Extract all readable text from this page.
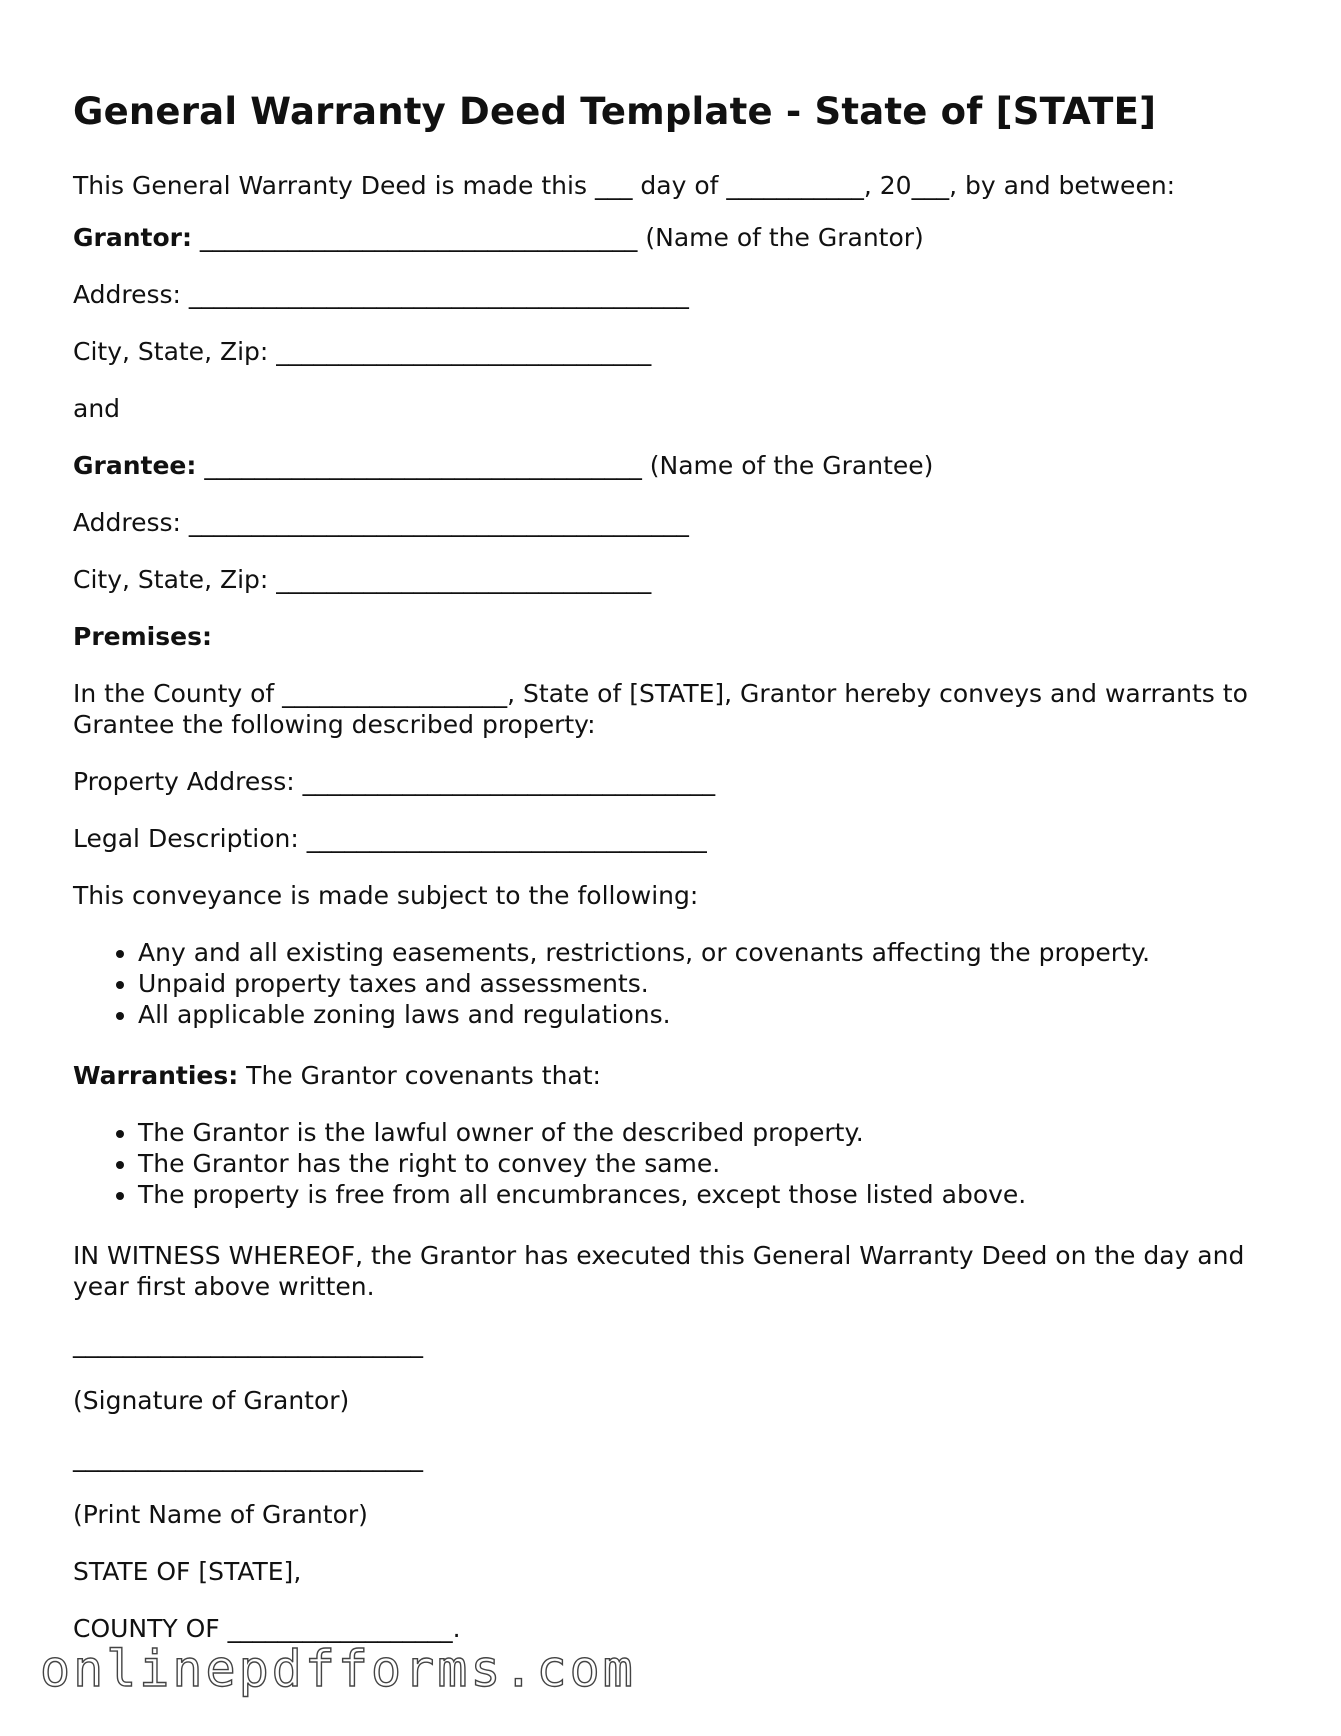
General Warranty Deed Template - State of [STATE]
This General Warranty Deed is made this ___ day of ___________, 20___, by and between:
Grantor: ___________________________________ (Name of the Grantor)
Address: ________________________________________
City, State, Zip: ______________________________
and
Grantee: ___________________________________ (Name of the Grantee)
Address: ________________________________________
City, State, Zip: ______________________________
Premises:
In the County of __________________, State of [STATE], Grantor hereby conveys and warrants to Grantee the following described property:
Property Address: _________________________________
Legal Description: ________________________________
This conveyance is made subject to the following:
• Any and all existing easements, restrictions, or covenants affecting the property.
• Unpaid property taxes and assessments.
• All applicable zoning laws and regulations.
Warranties: The Grantor covenants that:
• The Grantor is the lawful owner of the described property.
• The Grantor has the right to convey the same.
• The property is free from all encumbrances, except those listed above.
IN WITNESS WHEREOF, the Grantor has executed this General Warranty Deed on the day and year first above written.
____________________________
(Signature of Grantor)
____________________________
(Print Name of Grantor)
STATE OF [STATE],
COUNTY OF __________________.
onlinepdfforms.com
